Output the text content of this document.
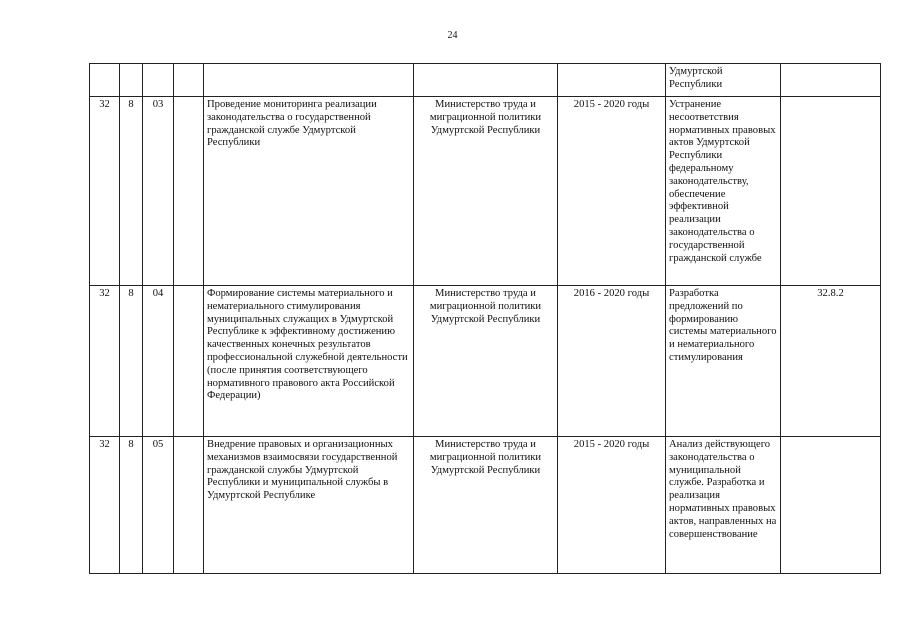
24
							Удмуртской Республики	
32	8	03		Проведение мониторинга реализации законодательства о государственной гражданской службе Удмуртской Республики	Министерство труда и миграционной политики Удмуртской Республики	2015 - 2020 годы	Устранение несоответствия нормативных правовых актов Удмуртской Республики федеральному законодательству, обеспечение эффективной реализации законодательства о государственной гражданской службе	
32	8	04		Формирование системы материального и нематериального стимулирования муниципальных служащих в Удмуртской Республике к эффективному достижению качественных конечных результатов профессиональной служебной деятельности (после принятия соответствующего нормативного правового акта Российской Федерации)	Министерство труда и миграционной политики Удмуртской Республики	2016 - 2020 годы	Разработка предложений по формированию системы материального и нематериального стимулирования	32.8.2
32	8	05		Внедрение правовых и организационных механизмов взаимосвязи государственной гражданской службы Удмуртской Республики и муниципальной службы в Удмуртской Республике	Министерство труда и миграционной политики Удмуртской Республики	2015 - 2020 годы	Анализ действующего законодательства о муниципальной службе. Разработка и реализация нормативных правовых актов, направленных на совершенствование	
